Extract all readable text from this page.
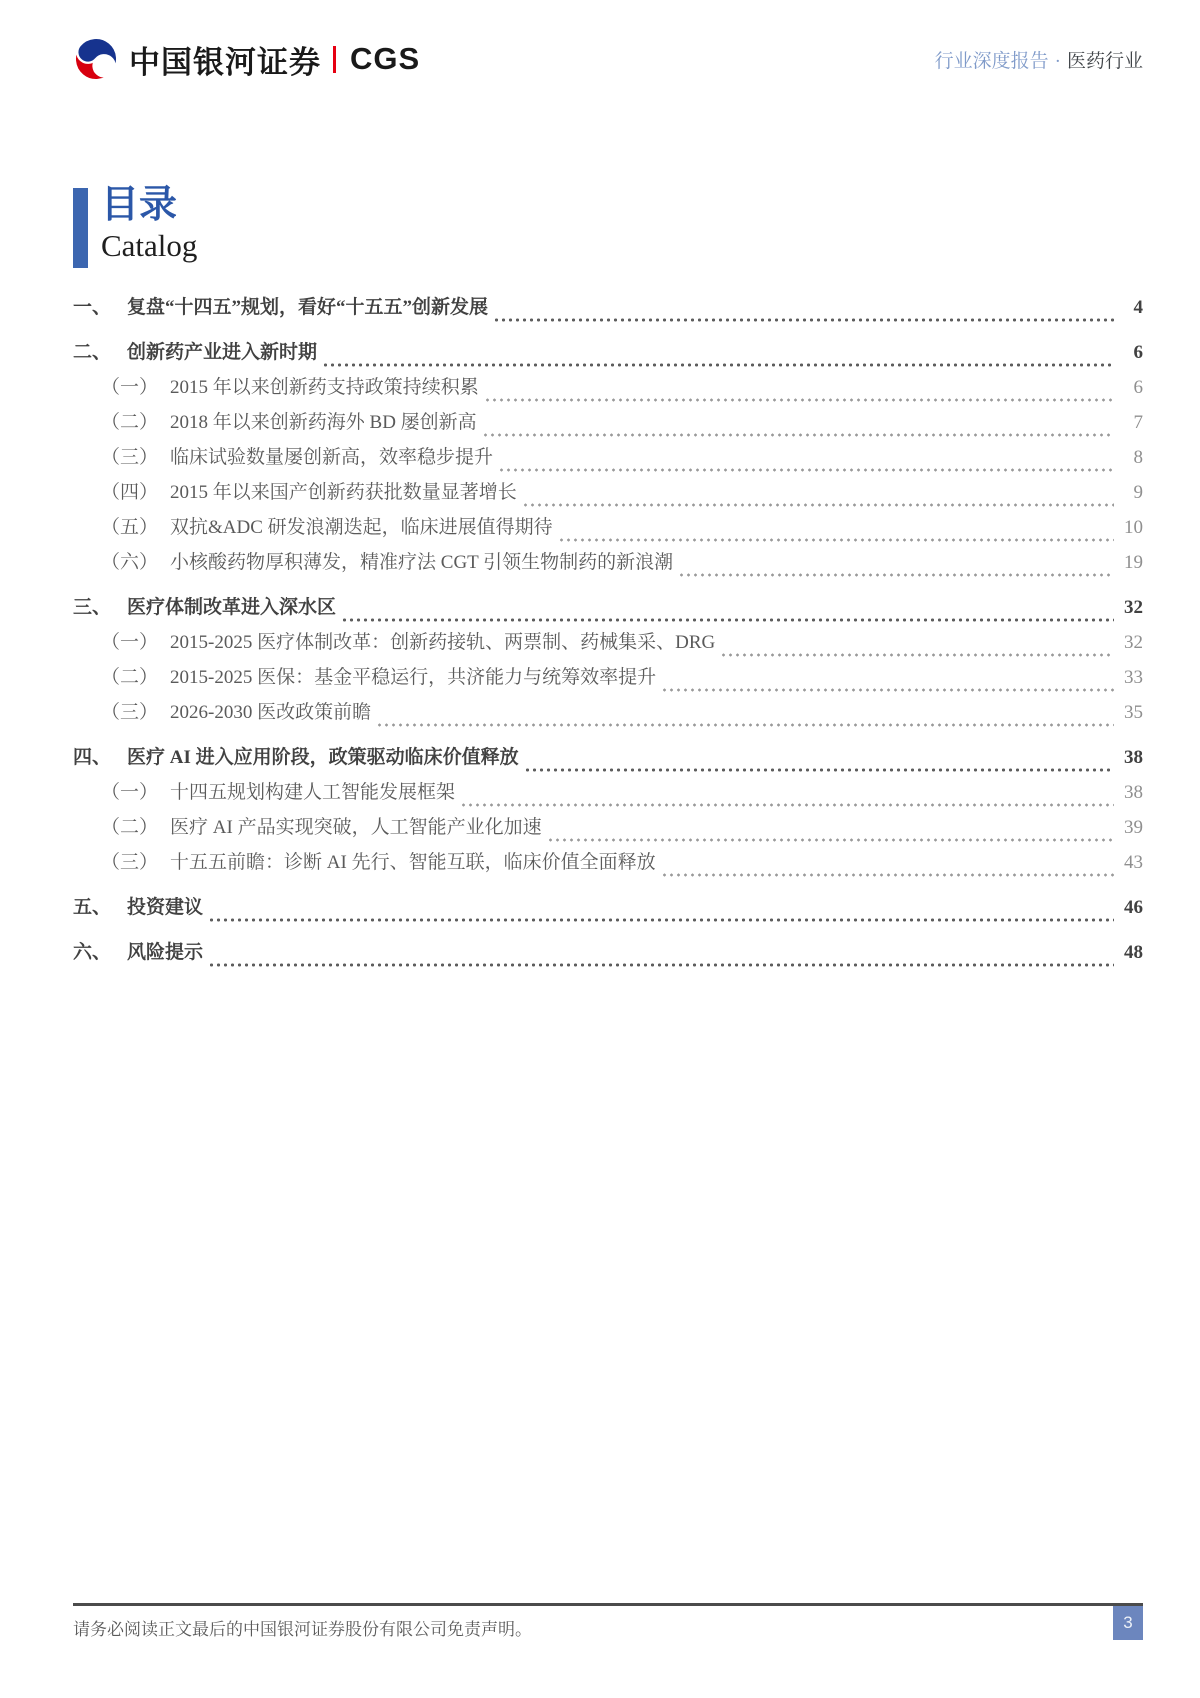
中国银河证券 CGS	行业深度报告 · 医药行业
目录
Catalog
一、 复盘“十四五”规划，看好“十五五”创新发展	4
二、 创新药产业进入新时期	6
（一） 2015 年以来创新药支持政策持续积累	6
（二） 2018 年以来创新药海外 BD 屡创新高	7
（三） 临床试验数量屡创新高，效率稳步提升	8
（四） 2015 年以来国产创新药获批数量显著增长	9
（五） 双抗&ADC 研发浪潮迭起，临床进展值得期待	10
（六） 小核酸药物厚积薄发，精准疗法 CGT 引领生物制药的新浪潮	19
三、 医疗体制改革进入深水区	32
（一） 2015-2025 医疗体制改革：创新药接轨、两票制、药械集采、DRG	32
（二） 2015-2025 医保：基金平稳运行，共济能力与统筹效率提升	33
（三） 2026-2030 医改政策前瞻	35
四、 医疗 AI 进入应用阶段，政策驱动临床价值释放	38
（一） 十四五规划构建人工智能发展框架	38
（二） 医疗 AI 产品实现突破，人工智能产业化加速	39
（三） 十五五前瞻：诊断 AI 先行、智能互联，临床价值全面释放	43
五、 投资建议	46
六、 风险提示	48
请务必阅读正文最后的中国银河证券股份有限公司免责声明。	3
